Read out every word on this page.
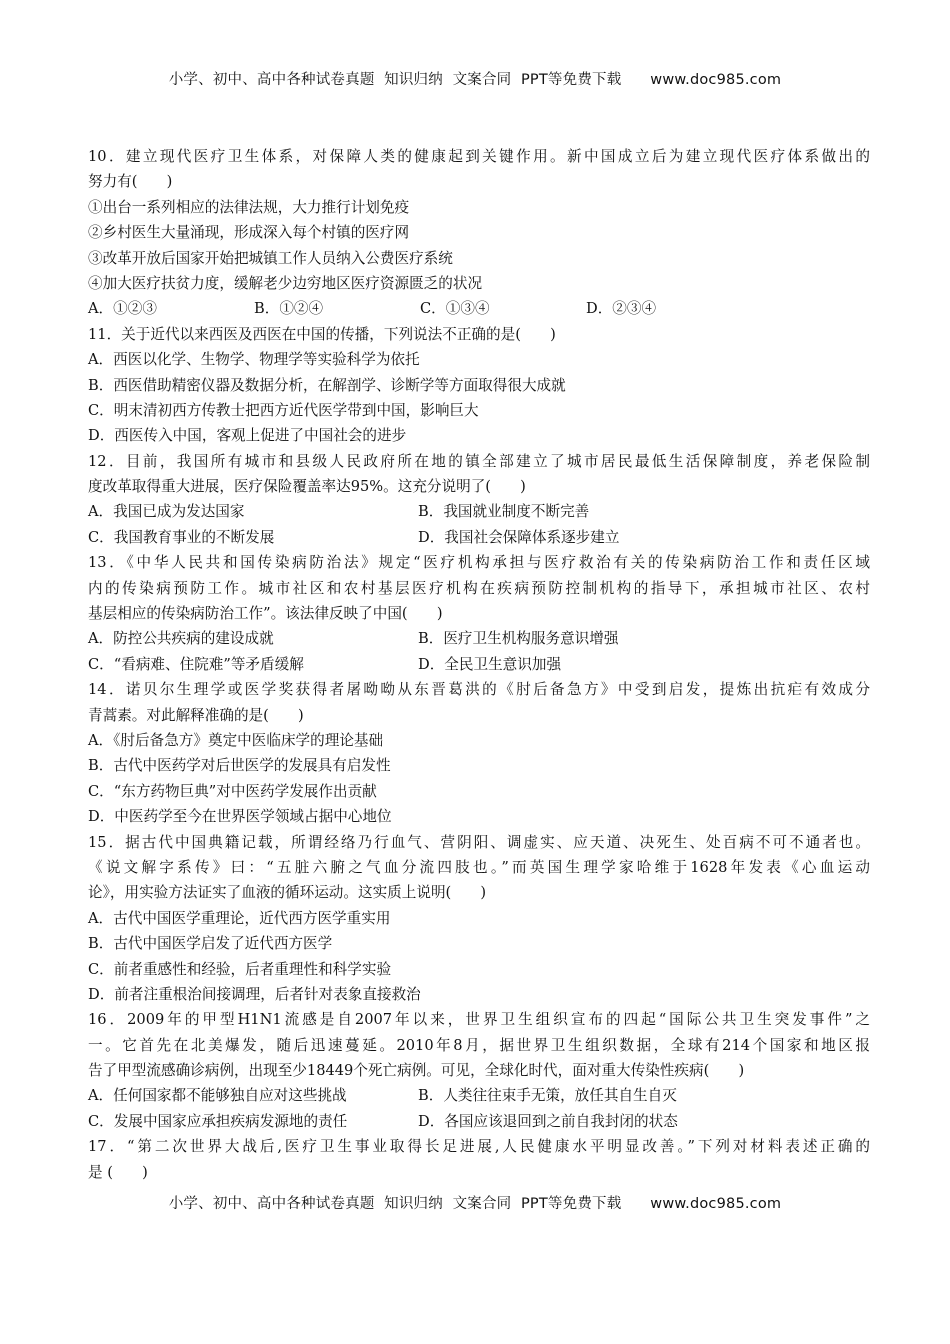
小学、初中、高中各种试卷真题  知识归纳  文案合同  PPT等免费下载      www.doc985.com
10．建立现代医疗卫生体系，对保障人类的健康起到关键作用。新中国成立后为建立现代医疗体系做出的
努力有(　　)
①出台一系列相应的法律法规，大力推行计划免疫
②乡村医生大量涌现，形成深入每个村镇的医疗网
③改革开放后国家开始把城镇工作人员纳入公费医疗系统
④加大医疗扶贫力度，缓解老少边穷地区医疗资源匮乏的状况
A．①②③	B．①②④	C．①③④	D．②③④
11．关于近代以来西医及西医在中国的传播，下列说法不正确的是(　　)
A．西医以化学、生物学、物理学等实验科学为依托
B．西医借助精密仪器及数据分析，在解剖学、诊断学等方面取得很大成就
C．明末清初西方传教士把西方近代医学带到中国，影响巨大
D．西医传入中国，客观上促进了中国社会的进步
12．目前，我国所有城市和县级人民政府所在地的镇全部建立了城市居民最低生活保障制度，养老保险制
度改革取得重大进展，医疗保险覆盖率达95%。这充分说明了(　　)
A．我国已成为发达国家	B．我国就业制度不断完善
C．我国教育事业的不断发展	D．我国社会保障体系逐步建立
13．《中华人民共和国传染病防治法》规定“医疗机构承担与医疗救治有关的传染病防治工作和责任区域
内的传染病预防工作。城市社区和农村基层医疗机构在疾病预防控制机构的指导下，承担城市社区、农村
基层相应的传染病防治工作”。该法律反映了中国(　　)
A．防控公共疾病的建设成就	B．医疗卫生机构服务意识增强
C．“看病难、住院难”等矛盾缓解	D．全民卫生意识加强
14．诺贝尔生理学或医学奖获得者屠呦呦从东晋葛洪的《肘后备急方》中受到启发，提炼出抗疟有效成分
青蒿素。对此解释准确的是(　　)
A．《肘后备急方》奠定中医临床学的理论基础
B．古代中医药学对后世医学的发展具有启发性
C．“东方药物巨典”对中医药学发展作出贡献
D．中医药学至今在世界医学领域占据中心地位
15．据古代中国典籍记载，所谓经络乃行血气、营阴阳、调虚实、应天道、决死生、处百病不可不通者也。
《说文解字系传》曰：“五脏六腑之气血分流四肢也。”而英国生理学家哈维于1628年发表《心血运动
论》，用实验方法证实了血液的循环运动。这实质上说明(　　)
A．古代中国医学重理论，近代西方医学重实用
B．古代中国医学启发了近代西方医学
C．前者重感性和经验，后者重理性和科学实验
D．前者注重根治间接调理，后者针对表象直接救治
16．2009年的甲型H1N1流感是自2007年以来，世界卫生组织宣布的四起“国际公共卫生突发事件”之
一。它首先在北美爆发，随后迅速蔓延。2010年8月，据世界卫生组织数据，全球有214个国家和地区报
告了甲型流感确诊病例，出现至少18449个死亡病例。可见，全球化时代，面对重大传染性疾病(　　)
A．任何国家都不能够独自应对这些挑战	B．人类往往束手无策，放任其自生自灭
C．发展中国家应承担疾病发源地的责任	D．各国应该退回到之前自我封闭的状态
17．“第二次世界大战后,医疗卫生事业取得长足进展,人民健康水平明显改善。”下列对材料表述正确的
是 (　　)
小学、初中、高中各种试卷真题  知识归纳  文案合同  PPT等免费下载      www.doc985.com
